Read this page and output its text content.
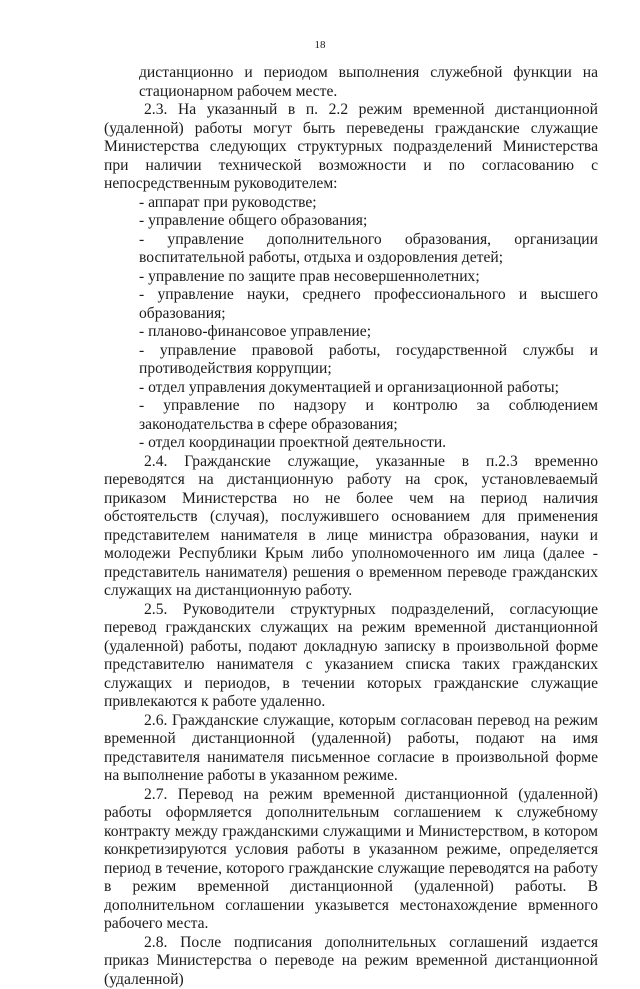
18

дистанционно и периодом выполнения служебной функции на стационарном рабочем месте.

2.3. На указанный в п. 2.2 режим временной дистанционной (удаленной) работы могут быть переведены гражданские служащие Министерства следующих структурных подразделений Министерства при наличии технической возможности и по согласованию с непосредственным руководителем:

- аппарат при руководстве;
- управление общего образования;
- управление дополнительного образования, организации воспитательной работы, отдыха и оздоровления детей;
- управление по защите прав несовершеннолетних;
- управление науки, среднего профессионального и высшего образования;
- планово-финансовое управление;
- управление правовой работы, государственной службы и противодействия коррупции;
- отдел управления документацией и организационной работы;
- управление по надзору и контролю за соблюдением законодательства в сфере образования;
- отдел координации проектной деятельности.

2.4. Гражданские служащие, указанные в п.2.3 временно переводятся на дистанционную работу на срок, установлеваемый приказом Министерства но не более чем на период наличия обстоятельств (случая), послужившего основанием для применения представителем нанимателя в лице министра образования, науки и молодежи Республики Крым либо уполномоченного им лица (далее - представитель нанимателя) решения о временном переводе гражданских служащих на дистанционную работу.

2.5. Руководители структурных подразделений, согласующие перевод гражданских служащих на режим временной дистанционной (удаленной) работы, подают докладную записку в произвольной форме представителю нанимателя с указанием списка таких гражданских служащих и периодов, в течении которых гражданские служащие привлекаются к работе удаленно.

2.6. Гражданские служащие, которым согласован перевод на режим временной дистанционной (удаленной) работы, подают на имя представителя нанимателя письменное согласие в произвольной форме на выполнение работы в указанном режиме.

2.7. Перевод на режим временной дистанционной (удаленной) работы оформляется дополнительным соглашением к служебному контракту между гражданскими служащими и Министерством, в котором конкретизируются условия работы в указанном режиме, определяется период в течение, которого гражданские служащие переводятся на работу в режим временной дистанционной (удаленной) работы. В дополнительном соглашении указывется местонахождение врменного рабочего места.

2.8. После подписания дополнительных соглашений издается приказ Министерства о переводе на режим временной дистанционной (удаленной)
